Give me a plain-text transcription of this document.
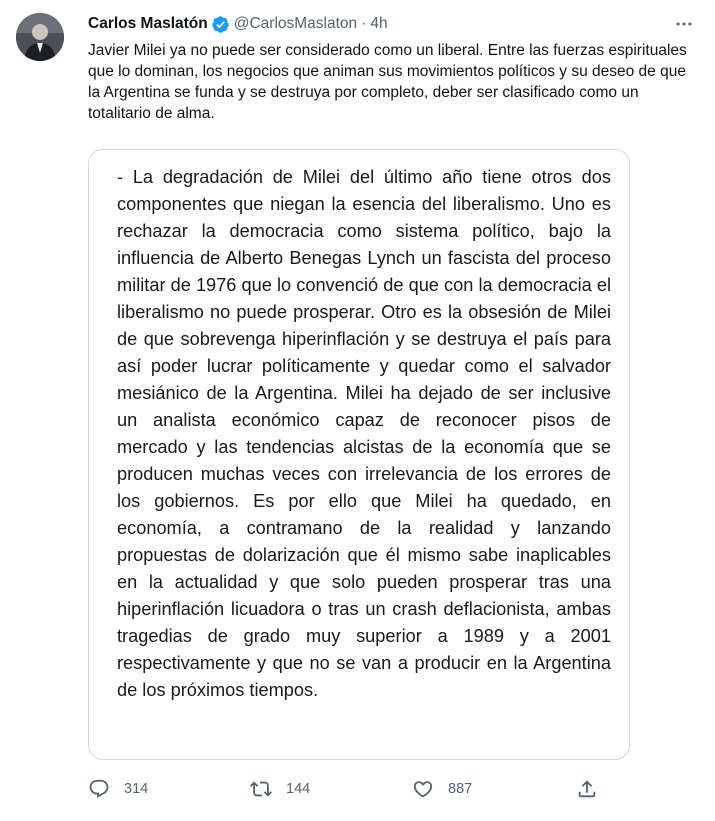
Carlos Maslatón @CarlosMaslaton · 4h
Javier Milei ya no puede ser considerado como un liberal. Entre las fuerzas espirituales que lo dominan, los negocios que animan sus movimientos políticos y su deseo de que la Argentina se funda y se destruya por completo, deber ser clasificado como un totalitario de alma.
- La degradación de Milei del último año tiene otros dos componentes que niegan la esencia del liberalismo. Uno es rechazar la democracia como sistema político, bajo la influencia de Alberto Benegas Lynch un fascista del proceso militar de 1976 que lo convenció de que con la democracia el liberalismo no puede prosperar. Otro es la obsesión de Milei de que sobrevenga hiperinflación y se destruya el país para así poder lucrar políticamente y quedar como el salvador mesiánico de la Argentina. Milei ha dejado de ser inclusive un analista económico capaz de reconocer pisos de mercado y las tendencias alcistas de la economía que se producen muchas veces con irrelevancia de los errores de los gobiernos. Es por ello que Milei ha quedado, en economía, a contramano de la realidad y lanzando propuestas de dolarización que él mismo sabe inaplicables en la actualidad y que solo pueden prosperar tras una hiperinflación licuadora o tras un crash deflacionista, ambas tragedias de grado muy superior a 1989 y a 2001 respectivamente y que no se van a producir en la Argentina de los próximos tiempos.
314	144	887
